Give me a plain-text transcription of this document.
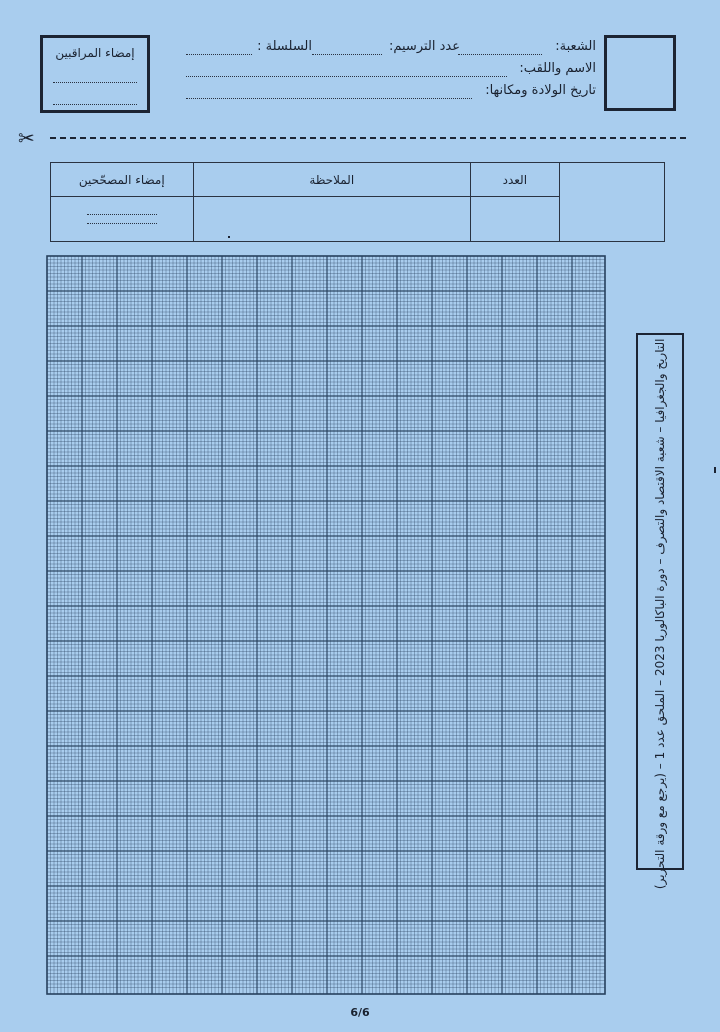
إمضاء المراقبين	الشعبة:
عدد الترسيم:
السلسلة :
الاسم واللقب:
تاريخ الولادة ومكانها:
✂
إمضاء المصحّحين	الملاحظة	العدد	

التاريخ والجغرافيا – شعبة الاقتصاد والتصرف – دورة الباكالوريا 2023 – الملحق عدد 1 – (يرجع مع ورقة التحرير)
6/6
